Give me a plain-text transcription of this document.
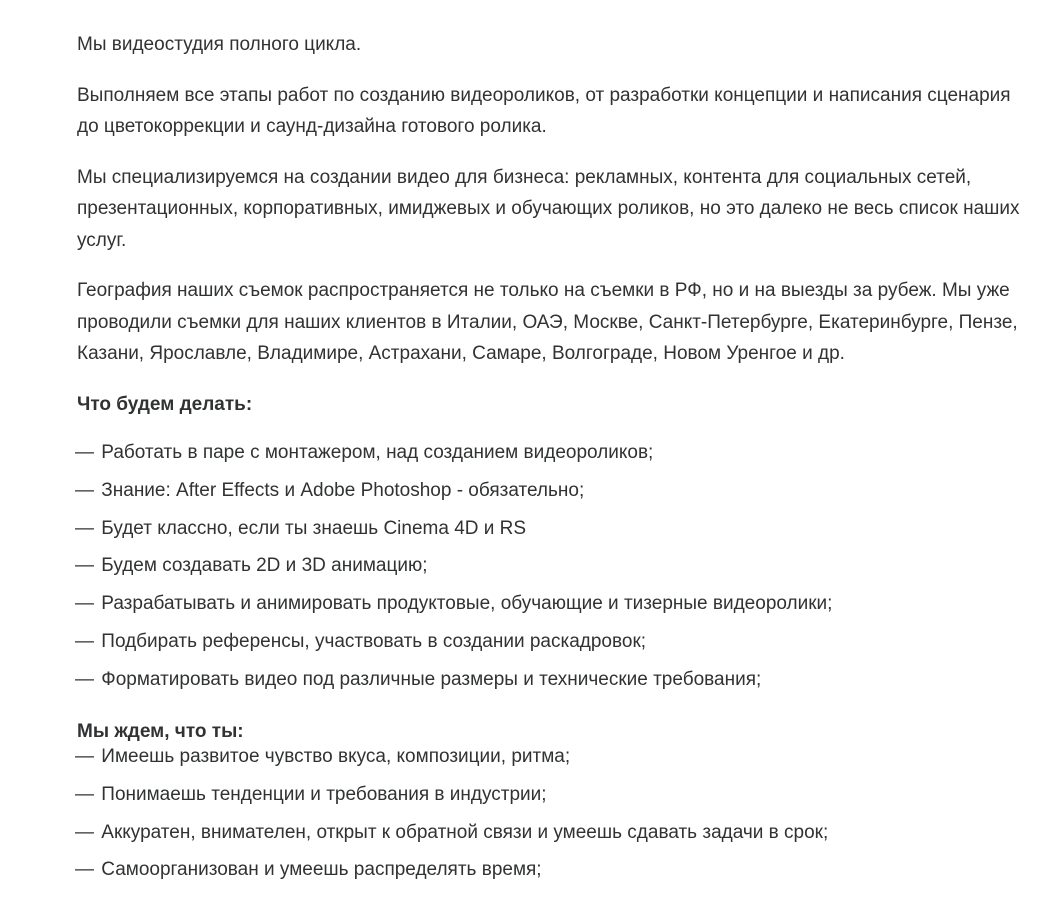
Мы видеостудия полного цикла.

Выполняем все этапы работ по созданию видеороликов, от разработки концепции и написания сценария до цветокоррекции и саунд-дизайна готового ролика.

Мы специализируемся на создании видео для бизнеса: рекламных, контента для социальных сетей, презентационных, корпоративных, имиджевых и обучающих роликов, но это далеко не весь список наших услуг.

География наших съемок распространяется не только на съемки в РФ, но и на выезды за рубеж. Мы уже проводили съемки для наших клиентов в Италии, ОАЭ, Москве, Санкт-Петербурге, Екатеринбурге, Пензе, Казани, Ярославле, Владимире, Астрахани, Самаре, Волгограде, Новом Уренгое и др.

Что будем делать:
— Работать в паре с монтажером, над созданием видеороликов;
— Знание: After Effects и Adobe Photoshop - обязательно;
— Будет классно, если ты знаешь Cinema 4D и RS
— Будем создавать 2D и 3D анимацию;
— Разрабатывать и анимировать продуктовые, обучающие и тизерные видеоролики;
— Подбирать референсы, участвовать в создании раскадровок;
— Форматировать видео под различные размеры и технические требования;
Мы ждем, что ты:
— Имеешь развитое чувство вкуса, композиции, ритма;
— Понимаешь тенденции и требования в индустрии;
— Аккуратен, внимателен, открыт к обратной связи и умеешь сдавать задачи в срок;
— Самоорганизован и умеешь распределять время;
